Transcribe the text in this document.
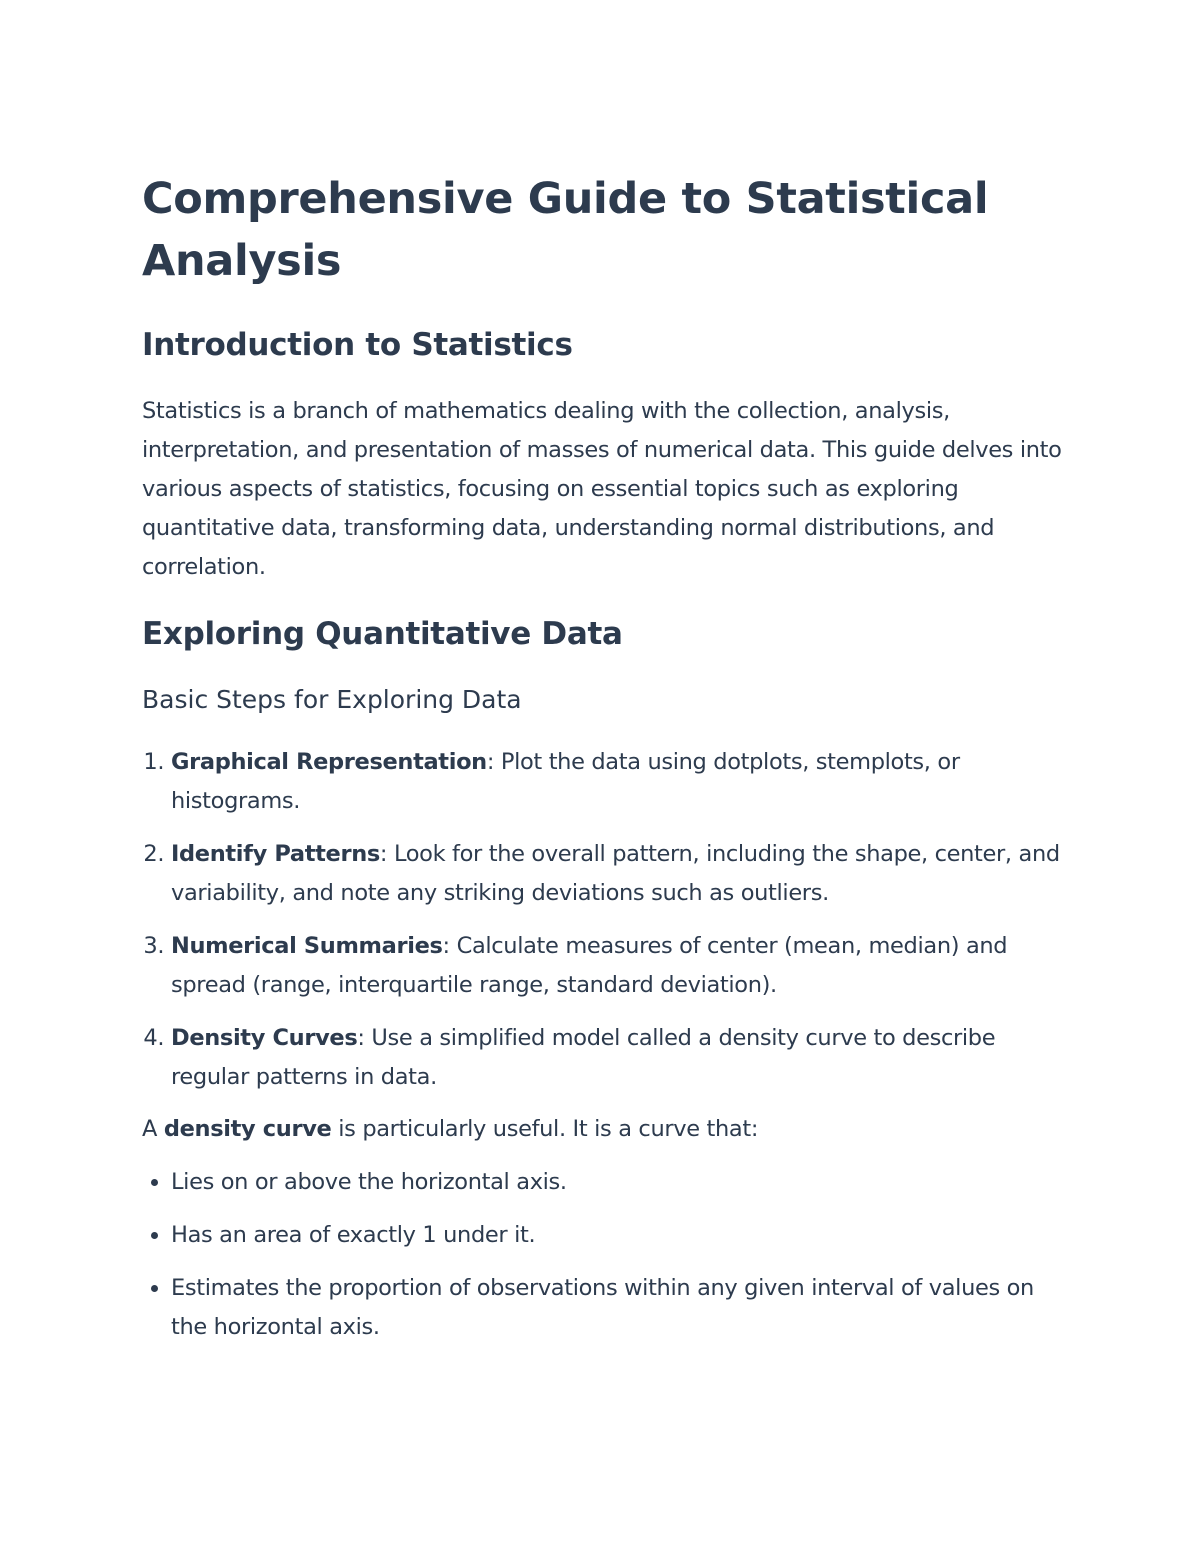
Comprehensive Guide to Statistical Analysis
Introduction to Statistics

Statistics is a branch of mathematics dealing with the collection, analysis, interpretation, and presentation of masses of numerical data. This guide delves into various aspects of statistics, focusing on essential topics such as exploring quantitative data, transforming data, understanding normal distributions, and correlation.

Exploring Quantitative Data
Basic Steps for Exploring Data
1. Graphical Representation: Plot the data using dotplots, stemplots, or histograms.
2. Identify Patterns: Look for the overall pattern, including the shape, center, and variability, and note any striking deviations such as outliers.
3. Numerical Summaries: Calculate measures of center (mean, median) and spread (range, interquartile range, standard deviation).
4. Density Curves: Use a simplified model called a density curve to describe regular patterns in data.

A density curve is particularly useful. It is a curve that:

• Lies on or above the horizontal axis.
• Has an area of exactly 1 under it.
• Estimates the proportion of observations within any given interval of values on the horizontal axis.
